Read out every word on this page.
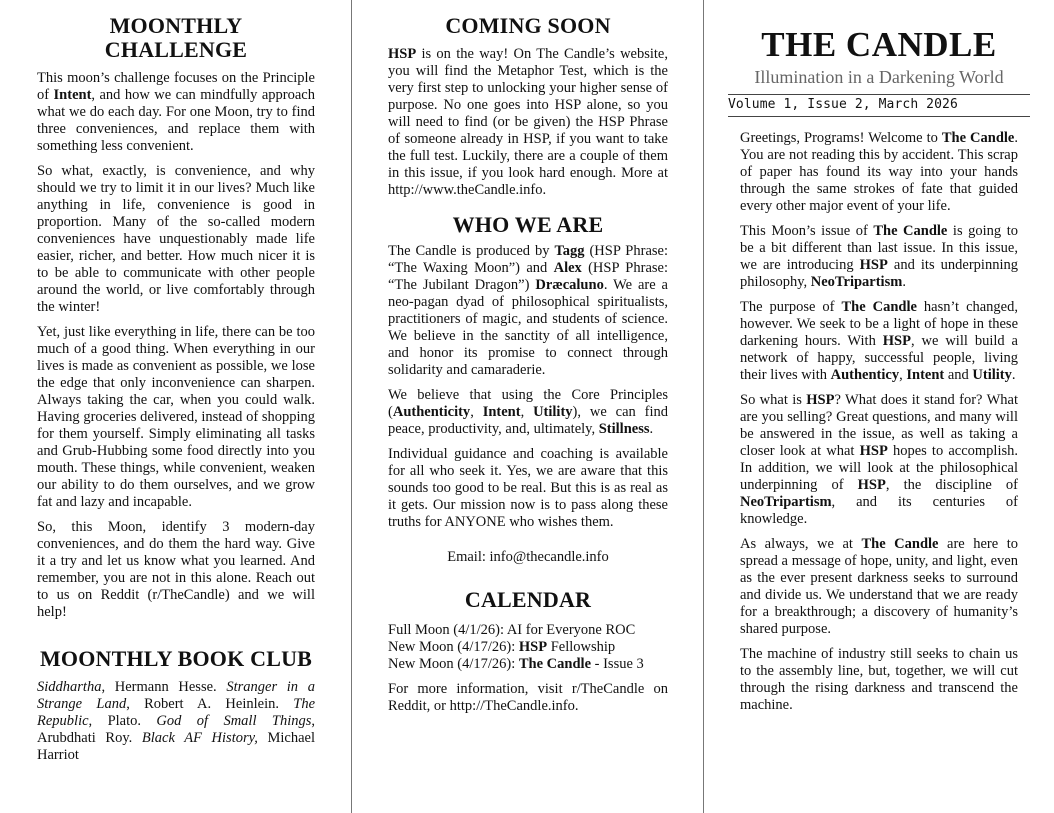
MOONTHLY CHALLENGE

This moon’s challenge focuses on the Principle of Intent, and how we can mindfully approach what we do each day. For one Moon, try to find three conveniences, and replace them with something less convenient.

So what, exactly, is convenience, and why should we try to limit it in our lives? Much like anything in life, convenience is good in proportion. Many of the so-called modern conveniences have unquestionably made life easier, richer, and better. How much nicer it is to be able to communicate with other people around the world, or live comfortably through the winter!

Yet, just like everything in life, there can be too much of a good thing. When everything in our lives is made as convenient as possible, we lose the edge that only inconvenience can sharpen. Always taking the car, when you could walk. Having groceries delivered, instead of shopping for them yourself. Simply eliminating all tasks and Grub-Hubbing some food directly into you mouth. These things, while convenient, weaken our ability to do them ourselves, and we grow fat and lazy and incapable.

So, this Moon, identify 3 modern-day conveniences, and do them the hard way. Give it a try and let us know what you learned. And remember, you are not in this alone. Reach out to us on Reddit (r/TheCandle) and we will help!

MOONTHLY BOOK CLUB

Siddhartha, Hermann Hesse. Stranger in a Strange Land, Robert A. Heinlein. The Republic, Plato. God of Small Things, Arubdhati Roy. Black AF History, Michael Harriot

COMING SOON

HSP is on the way! On The Candle’s website, you will find the Metaphor Test, which is the very first step to unlocking your higher sense of purpose. No one goes into HSP alone, so you will need to find (or be given) the HSP Phrase of someone already in HSP, if you want to take the full test. Luckily, there are a couple of them in this issue, if you look hard enough. More at http://www.theCandle.info.

WHO WE ARE

The Candle is produced by Tagg (HSP Phrase: “The Waxing Moon”) and Alex (HSP Phrase: “The Jubilant Dragon”) Dræcaluno. We are a neo-pagan dyad of philosophical spiritualists, practitioners of magic, and students of science. We believe in the sanctity of all intelligence, and honor its promise to connect through solidarity and camaraderie.

We believe that using the Core Principles (Authenticity, Intent, Utility), we can find peace, productivity, and, ultimately, Stillness.

Individual guidance and coaching is available for all who seek it. Yes, we are aware that this sounds too good to be real. But this is as real as it gets. Our mission now is to pass along these truths for ANYONE who wishes them.

Email: info@thecandle.info
CALENDAR

Full Moon (4/1/26): AI for Everyone ROC

New Moon (4/17/26): HSP Fellowship

New Moon (4/17/26): The Candle - Issue 3

For more information, visit r/TheCandle on Reddit, or http://TheCandle.info.

THE CANDLE
Illumination in a Darkening World
Volume 1, Issue 2, March 2026

Greetings, Programs! Welcome to The Candle. You are not reading this by accident. This scrap of paper has found its way into your hands through the same strokes of fate that guided every other major event of your life.

This Moon’s issue of The Candle is going to be a bit different than last issue. In this issue, we are introducing HSP and its underpinning philosophy, NeoTripartism.

The purpose of The Candle hasn’t changed, however. We seek to be a light of hope in these darkening hours. With HSP, we will build a network of happy, successful people, living their lives with Authenticy, Intent and Utility.

So what is HSP? What does it stand for? What are you selling? Great questions, and many will be answered in the issue, as well as taking a closer look at what HSP hopes to accomplish. In addition, we will look at the philosophical underpinning of HSP, the discipline of NeoTripartism, and its centuries of knowledge.

As always, we at The Candle are here to spread a message of hope, unity, and light, even as the ever present darkness seeks to surround and divide us. We understand that we are ready for a breakthrough; a discovery of humanity’s shared purpose.

The machine of industry still seeks to chain us to the assembly line, but, together, we will cut through the rising darkness and transcend the machine.
